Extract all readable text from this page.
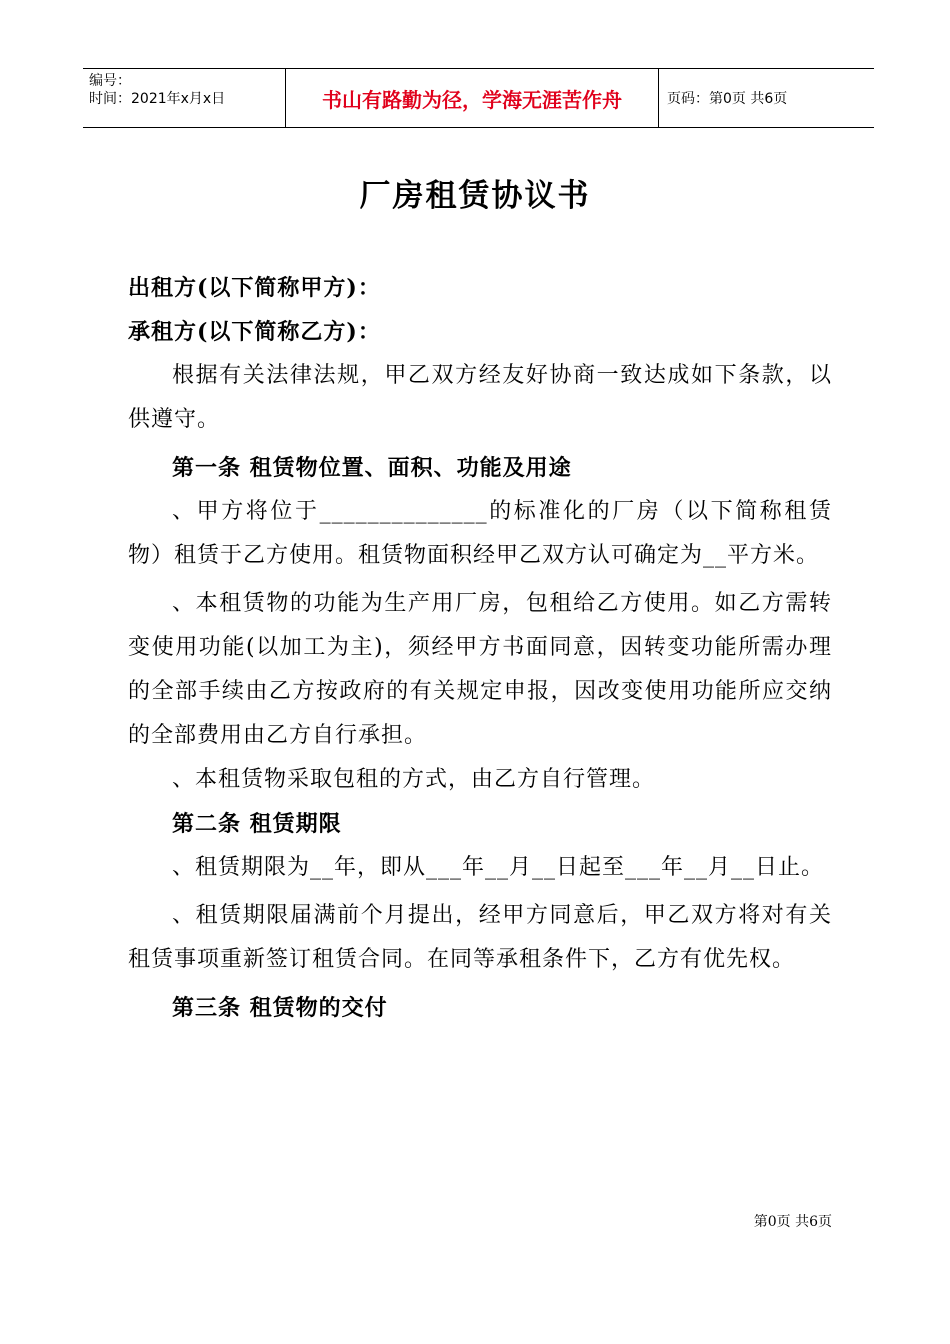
编号：
时间：2021年x月x日	书山有路勤为径，学海无涯苦作舟	页码：第0页 共6页
厂房租赁协议书

出租方(以下简称甲方)：

承租方(以下简称乙方)：

根据有关法律法规，甲乙双方经友好协商一致达成如下条款，以供遵守。

第一条 租赁物位置、面积、功能及用途

、甲方将位于______________的标准化的厂房（以下简称租赁物）租赁于乙方使用。租赁物面积经甲乙双方认可确定为__平方米。

、本租赁物的功能为生产用厂房，包租给乙方使用。如乙方需转变使用功能(以加工为主)，须经甲方书面同意，因转变功能所需办理的全部手续由乙方按政府的有关规定申报，因改变使用功能所应交纳的全部费用由乙方自行承担。

、本租赁物采取包租的方式，由乙方自行管理。

第二条 租赁期限

、租赁期限为__年，即从___年__月__日起至___年__月__日止。

、租赁期限届满前个月提出，经甲方同意后，甲乙双方将对有关租赁事项重新签订租赁合同。在同等承租条件下，乙方有优先权。

第三条 租赁物的交付

第0页 共6页
